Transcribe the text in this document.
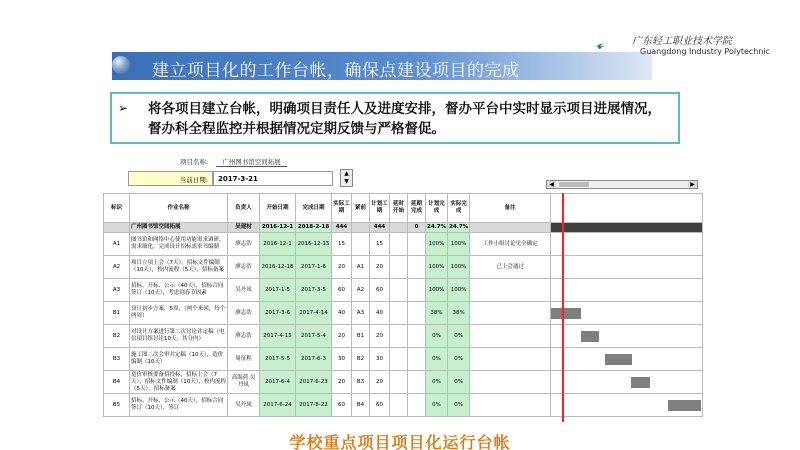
建立项目化的工作台帐，确保点建设项目的完成
广东轻工职业技术学院
Guangdong Industry Polytechnic
➢ 将各项目建立台帐，明确项目责任人及进度安排，督办平台中实时显示项目进展情况，督办科全程监控并根据情况定期反馈与严格督促。
项目名称: 广州图书馆空间拓展
当前日期:	2017-3-21
▲
▼	◀	▶
标识	作业名称	负责人	开始日期	完成日期	实际工期	紧前	计划工期	延时开始	延期完成	计划完成	实际完成	备注	
	广州图书馆空间拓展	吴建材	2016-12-1	2018-2-18	444		444		0	24.7%	24.7%		
A1	图书馆和网络中心使用功能需求调研、需求细化、完成设计招标需求书编制	廖志浩	2016-12-1	2016-12-15	15		15			100%	100%	工作小组讨论见全确定	
A2	项目立项上会（7天），招标文件编制（10天），校内流程（5天），招标备案	廖志浩	2016-12-18	2017-1-6	20	A1	20			100%	100%	已上会通过	
A3	招标、开标、公示（40天），招标合同签订（10天），考虑到春节因素	吴丹凤	2017-1-5	2017-3-5	60	A2	60			100%	100%		
B1	设计初步方案，5周，（两个来回，每个两周）	廖志浩	2017-3-6	2017-4-14	40	A3	40			38%	38%		

B2	对设计方案进行第二次讨论并定稿（电信项目组讨论10天，其分内）	廖志浩	2017-4-15	2017-5-4	20	B1	20			0%	0%		

B3	施工图二次会审并定稿（10天），造价编制（10天）	周征程	2017-5-5	2017-6-3	30	B2	30			0%	0%		

B4	造价审核要备招投标，招标上会（7天），招标文件编制（10天），校内流程（5天），招标备案	高海荷 吴丹凤	2017-6-4	2017-6-23	20	B3	20			0%	0%		

B5	招标、开标、公示（40天），招标合同签订（10天），签订	吴丹凤	2017-6-24	2017-8-22	60	B4	60			0%	0%		
学校重点项目项目化运行台帐
